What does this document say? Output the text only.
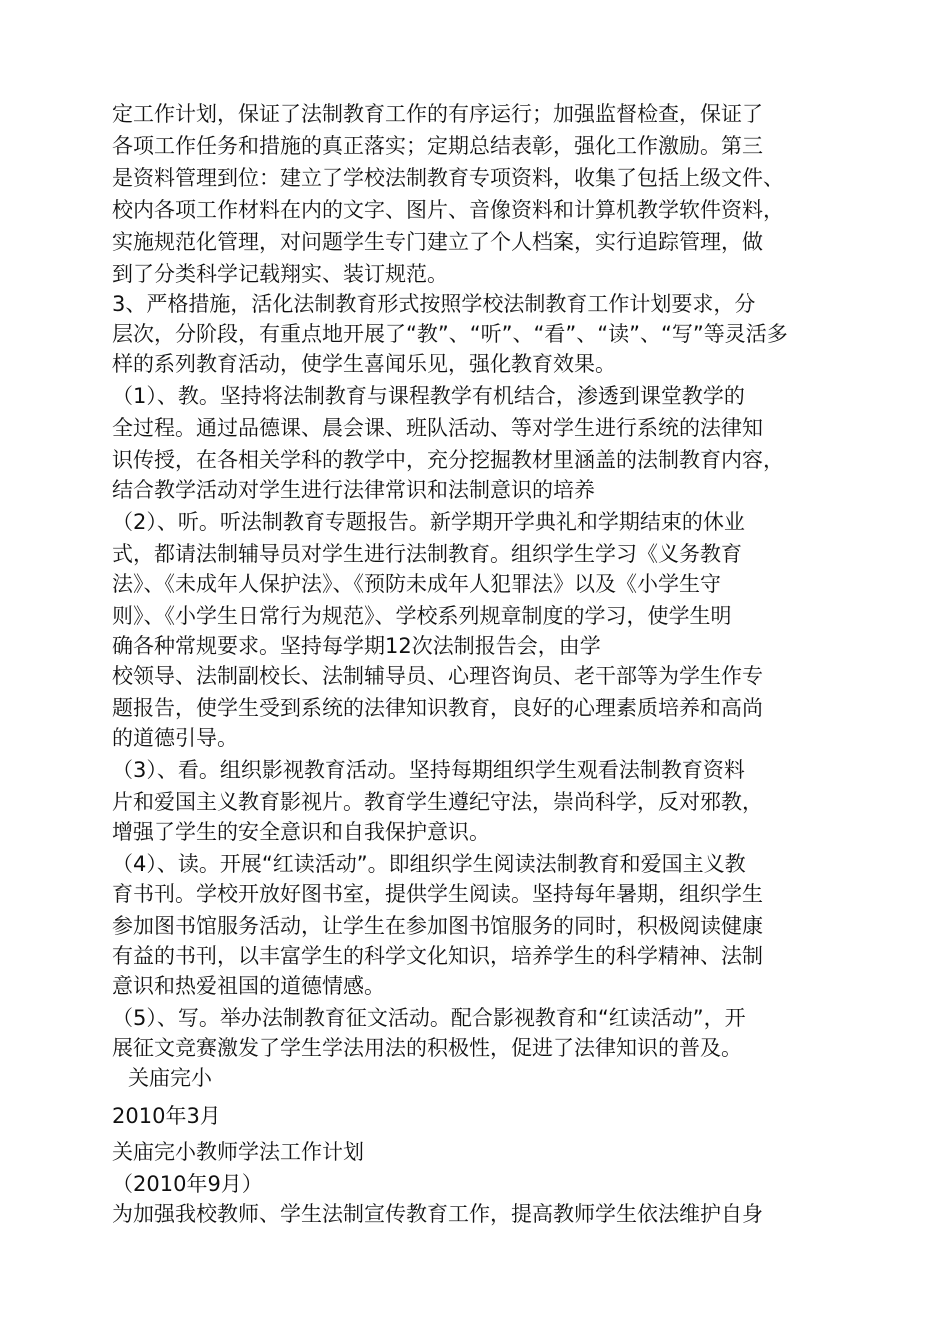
定工作计划，保证了法制教育工作的有序运行；加强监督检查，保证了

各项工作任务和措施的真正落实；定期总结表彰，强化工作激励。第三

是资料管理到位：建立了学校法制教育专项资料，收集了包括上级文件、

校内各项工作材料在内的文字、图片、音像资料和计算机教学软件资料，

实施规范化管理，对问题学生专门建立了个人档案，实行追踪管理，做

到了分类科学记载翔实、装订规范。

3、严格措施，活化法制教育形式按照学校法制教育工作计划要求，分

层次，分阶段，有重点地开展了“教”、“听”、“看”、“读”、“写”等灵活多

样的系列教育活动，使学生喜闻乐见，强化教育效果。

（1）、教。坚持将法制教育与课程教学有机结合，渗透到课堂教学的

全过程。通过品德课、晨会课、班队活动、等对学生进行系统的法律知

识传授，在各相关学科的教学中，充分挖掘教材里涵盖的法制教育内容，

结合教学活动对学生进行法律常识和法制意识的培养

（2）、听。听法制教育专题报告。新学期开学典礼和学期结束的休业

式，都请法制辅导员对学生进行法制教育。组织学生学习《义务教育

法》、《未成年人保护法》、《预防未成年人犯罪法》以及《小学生守

则》、《小学生日常行为规范》、学校系列规章制度的学习，使学生明

确各种常规要求。坚持每学期12次法制报告会，由学

校领导、法制副校长、法制辅导员、心理咨询员、老干部等为学生作专

题报告，使学生受到系统的法律知识教育，良好的心理素质培养和高尚

的道德引导。

（3）、看。组织影视教育活动。坚持每期组织学生观看法制教育资料

片和爱国主义教育影视片。教育学生遵纪守法，崇尚科学，反对邪教，

增强了学生的安全意识和自我保护意识。

（4）、读。开展“红读活动”。即组织学生阅读法制教育和爱国主义教

育书刊。学校开放好图书室，提供学生阅读。坚持每年暑期，组织学生

参加图书馆服务活动，让学生在参加图书馆服务的同时，积极阅读健康

有益的书刊，以丰富学生的科学文化知识，培养学生的科学精神、法制

意识和热爱祖国的道德情感。

（5）、写。举办法制教育征文活动。配合影视教育和“红读活动”，开

展征文竞赛激发了学生学法用法的积极性，促进了法律知识的普及。

关庙完小

2010年3月

关庙完小教师学法工作计划

（2010年9月）

为加强我校教师、学生法制宣传教育工作，提高教师学生依法维护自身
